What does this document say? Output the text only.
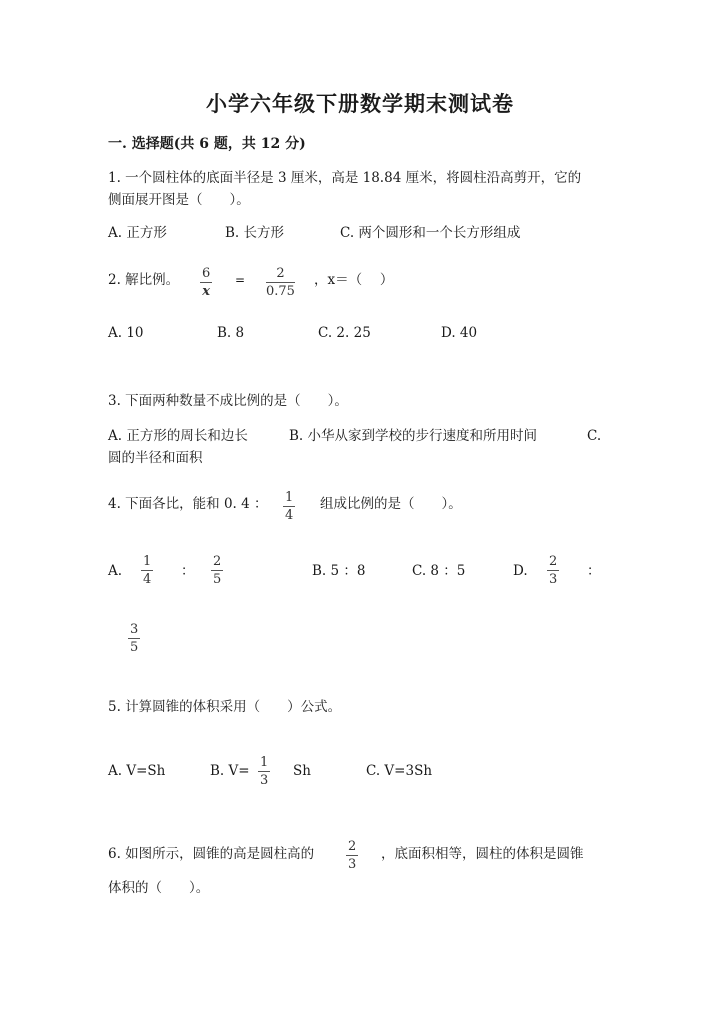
小学六年级下册数学期末测试卷
一. 选择题(共 6 题，共 12 分)
1. 一个圆柱体的底面半径是 3 厘米，高是 18.84 厘米，将圆柱沿高剪开，它的
侧面展开图是（　　）。
A. 正方形	B. 长方形	C. 两个圆形和一个长方形组成
2. 解比例。 6
x
= 2
0.75
，x＝（　 ）
A. 10	B. 8	C. 2. 25	D. 40
3. 下面两种数量不成比例的是（　　）。
A. 正方形的周长和边长	B. 小华从家到学校的步行速度和所用时间	C.
圆的半径和面积
4. 下面各比，能和 0. 4 ： 1
4
组成比例的是（　　）。
A.
1
4
：
2
5
B. 5 ：8	C. 8 ：5	D.
2
3
：
3
5
5. 计算圆锥的体积采用（　　）公式。
A. V=Sh	B. V=
1
3
Sh	C. V=3Sh
6. 如图所示，圆锥的高是圆柱高的	2
3
，底面积相等，圆柱的体积是圆锥
体积的（　　）。
